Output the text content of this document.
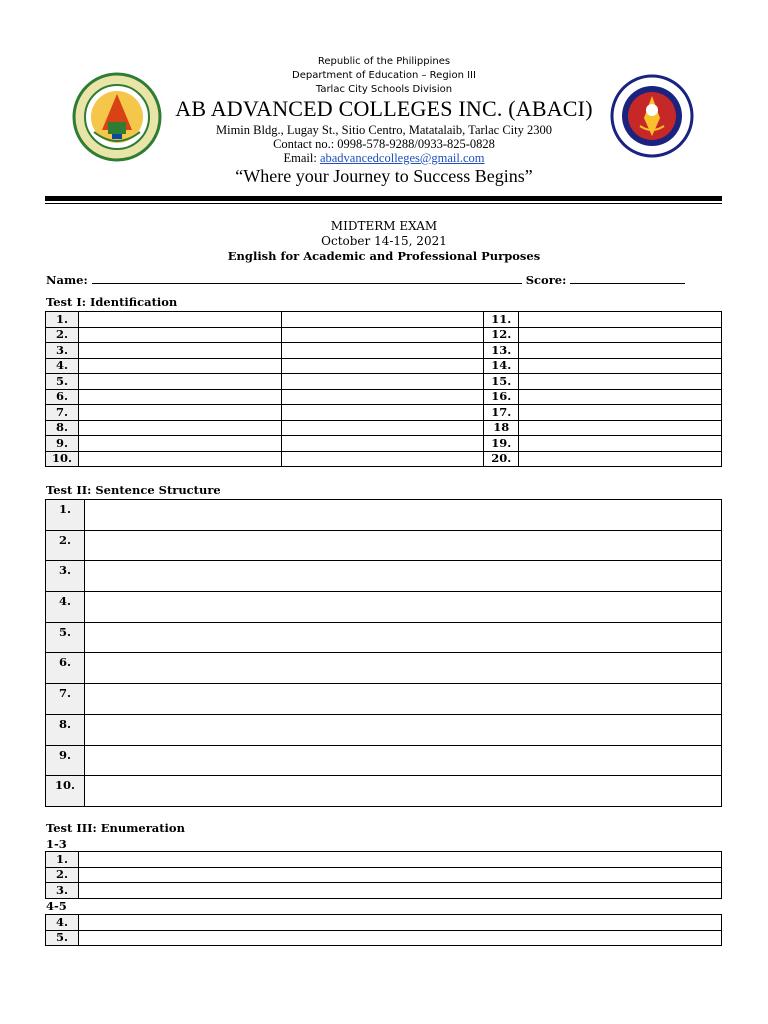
Republic of the Philippines
Department of Education – Region III
Tarlac City Schools Division
AB ADVANCED COLLEGES INC. (ABACI)
Mimin Bldg., Lugay St., Sitio Centro, Matatalaib, Tarlac City 2300
Contact no.: 0998-578-9288/0933-825-0828
Email: abadvancedcolleges@gmail.com
“Where your Journey to Success Begins”
MIDTERM EXAM
October 14-15, 2021
English for Academic and Professional Purposes
Name:	Score:
Test I: Identification
1.			11.	
2.			12.	
3.			13.	
4.			14.	
5.			15.	
6.			16.	
7.			17.	
8.			18	
9.			19.	
10.			20.	
Test II: Sentence Structure
1.	
2.	
3.	
4.	
5.	
6.	
7.	
8.	
9.	
10.	
Test III: Enumeration
1-3
1.	
2.	
3.	
4-5
4.	
5.	
